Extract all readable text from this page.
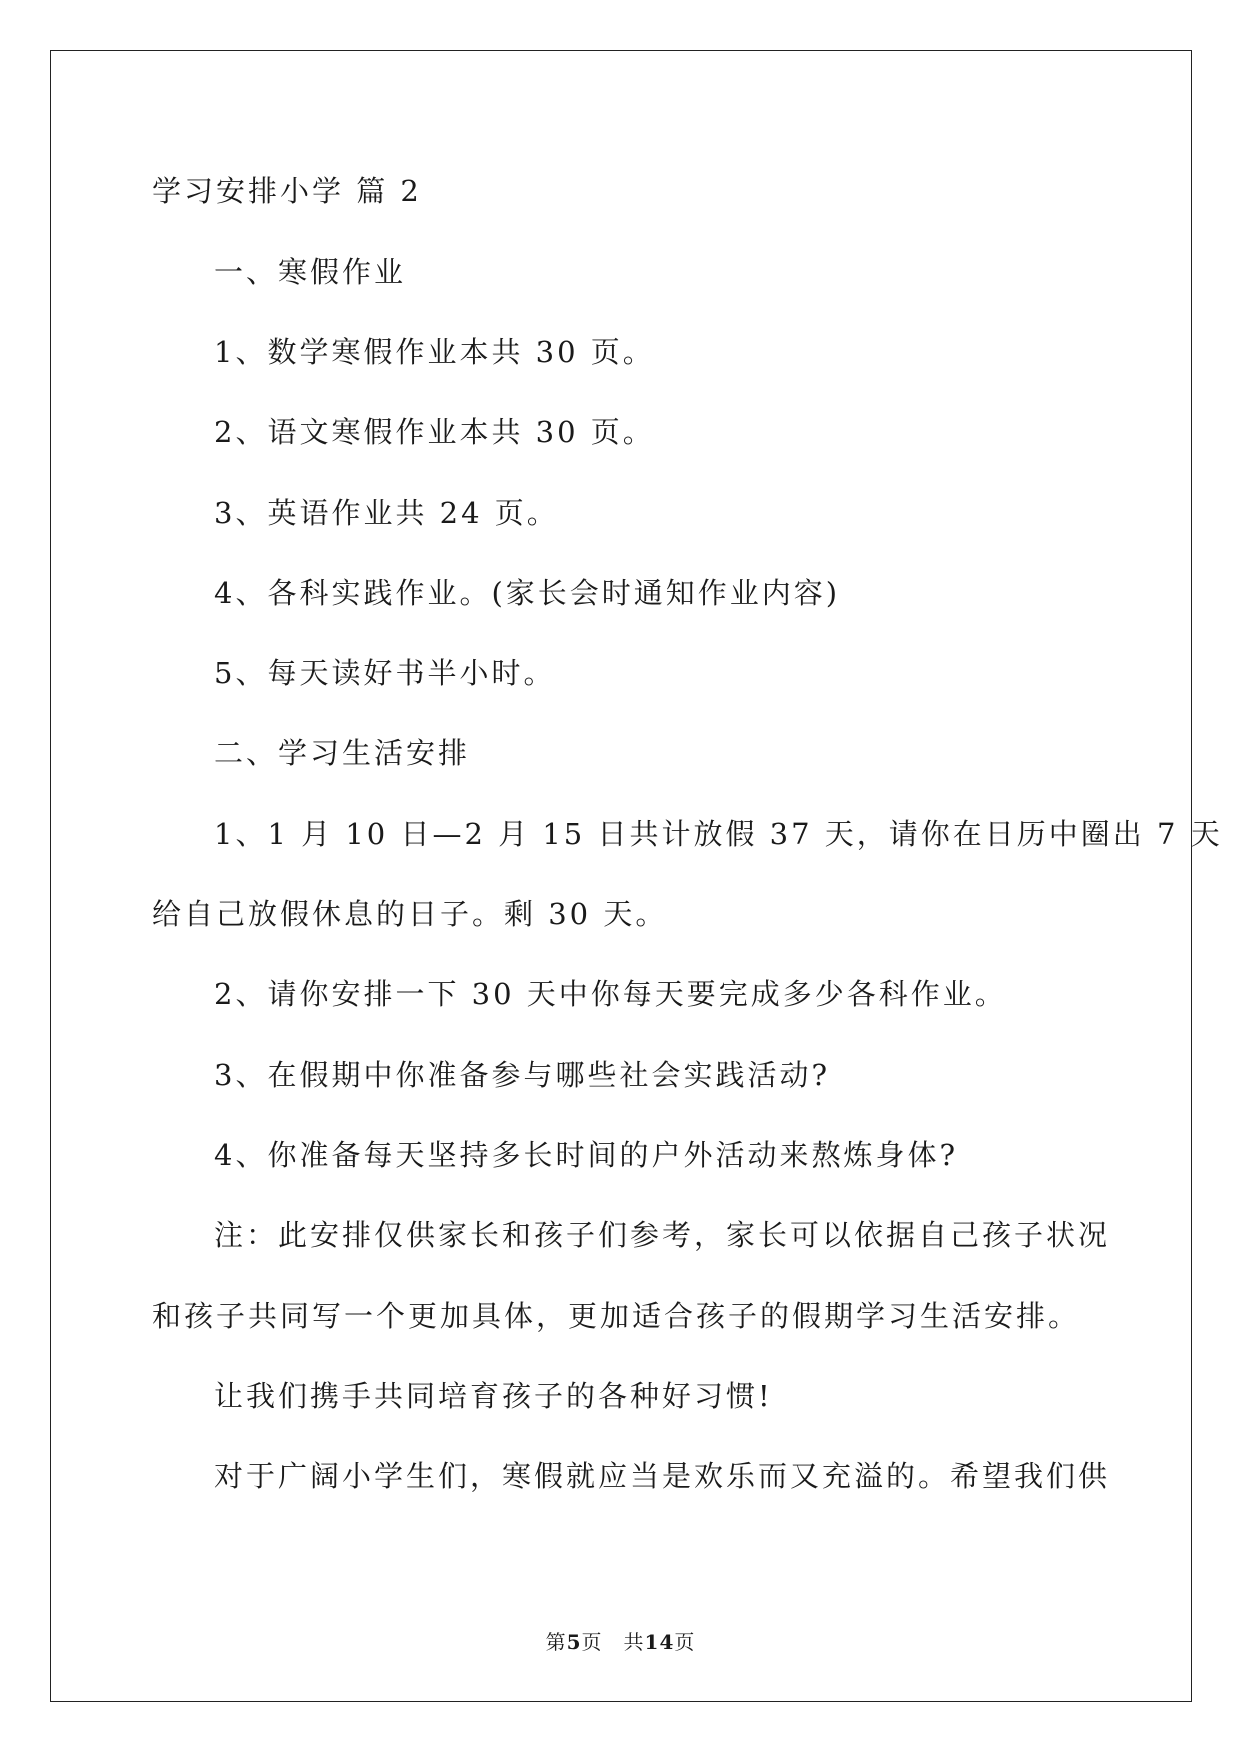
学习安排小学 篇 2
一、寒假作业
1、数学寒假作业本共 30 页。
2、语文寒假作业本共 30 页。
3、英语作业共 24 页。
4、各科实践作业。(家长会时通知作业内容)
5、每天读好书半小时。
二、学习生活安排
1、1 月 10 日—2 月 15 日共计放假 37 天，请你在日历中圈出 7 天
给自己放假休息的日子。剩 30 天。
2、请你安排一下 30 天中你每天要完成多少各科作业。
3、在假期中你准备参与哪些社会实践活动?
4、你准备每天坚持多长时间的户外活动来熬炼身体?
注：此安排仅供家长和孩子们参考，家长可以依据自己孩子状况
和孩子共同写一个更加具体，更加适合孩子的假期学习生活安排。
让我们携手共同培育孩子的各种好习惯!
对于广阔小学生们，寒假就应当是欢乐而又充溢的。希望我们供
第5页　共14页
